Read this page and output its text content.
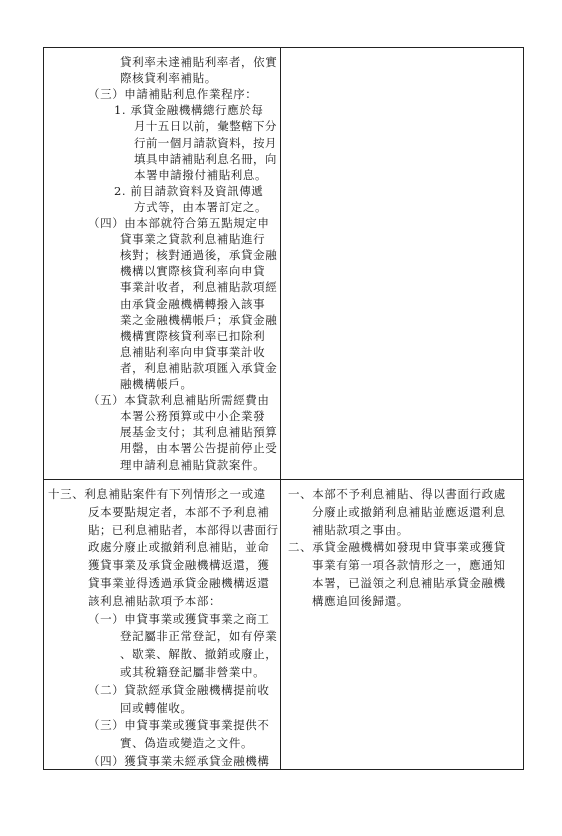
貸利率未達補貼利率者，依實
際核貸利率補貼。
（三）申請補貼利息作業程序：
1. 承貸金融機構總行應於每
月十五日以前，彙整轄下分
行前一個月請款資料，按月
填具申請補貼利息名冊，向
本署申請撥付補貼利息。
2. 前目請款資料及資訊傳遞
方式等，由本署訂定之。
（四）由本部就符合第五點規定申
貸事業之貸款利息補貼進行
核對；核對通過後，承貸金融
機構以實際核貸利率向申貸
事業計收者，利息補貼款項經
由承貸金融機構轉撥入該事
業之金融機構帳戶；承貸金融
機構實際核貸利率已扣除利
息補貼利率向申貸事業計收
者，利息補貼款項匯入承貸金
融機構帳戶。
十三、利息補貼案件有下列情形之一或違
反本要點規定者，本部不予利息補
貼；已利息補貼者，本部得以書面行
政處分廢止或撤銷利息補貼，並命
獲貸事業及承貸金融機構返還，獲
貸事業並得透過承貸金融機構返還
該利息補貼款項予本部：
（一）申貸事業或獲貸事業之商工
登記屬非正常登記，如有停業
、歇業、解散、撤銷或廢止，
或其稅籍登記屬非營業中。
（二）貸款經承貸金融機構提前收
回或轉催收。
（三）申貸事業或獲貸事業提供不
一、本部不予利息補貼、得以書面行政處
分廢止或撤銷利息補貼並應返還利息
補貼款項之事由。
二、承貸金融機構如發現申貸事業或獲貸
事業有第一項各款情形之一，應通知
本署，已溢領之利息補貼承貸金融機
構應追回後歸還。
（五）本貸款利息補貼所需經費由
本署公務預算或中小企業發
展基金支付；其利息補貼預算
用罄，由本署公告提前停止受
理申請利息補貼貸款案件。
實、偽造或變造之文件。
（四）獲貸事業未經承貸金融機構
